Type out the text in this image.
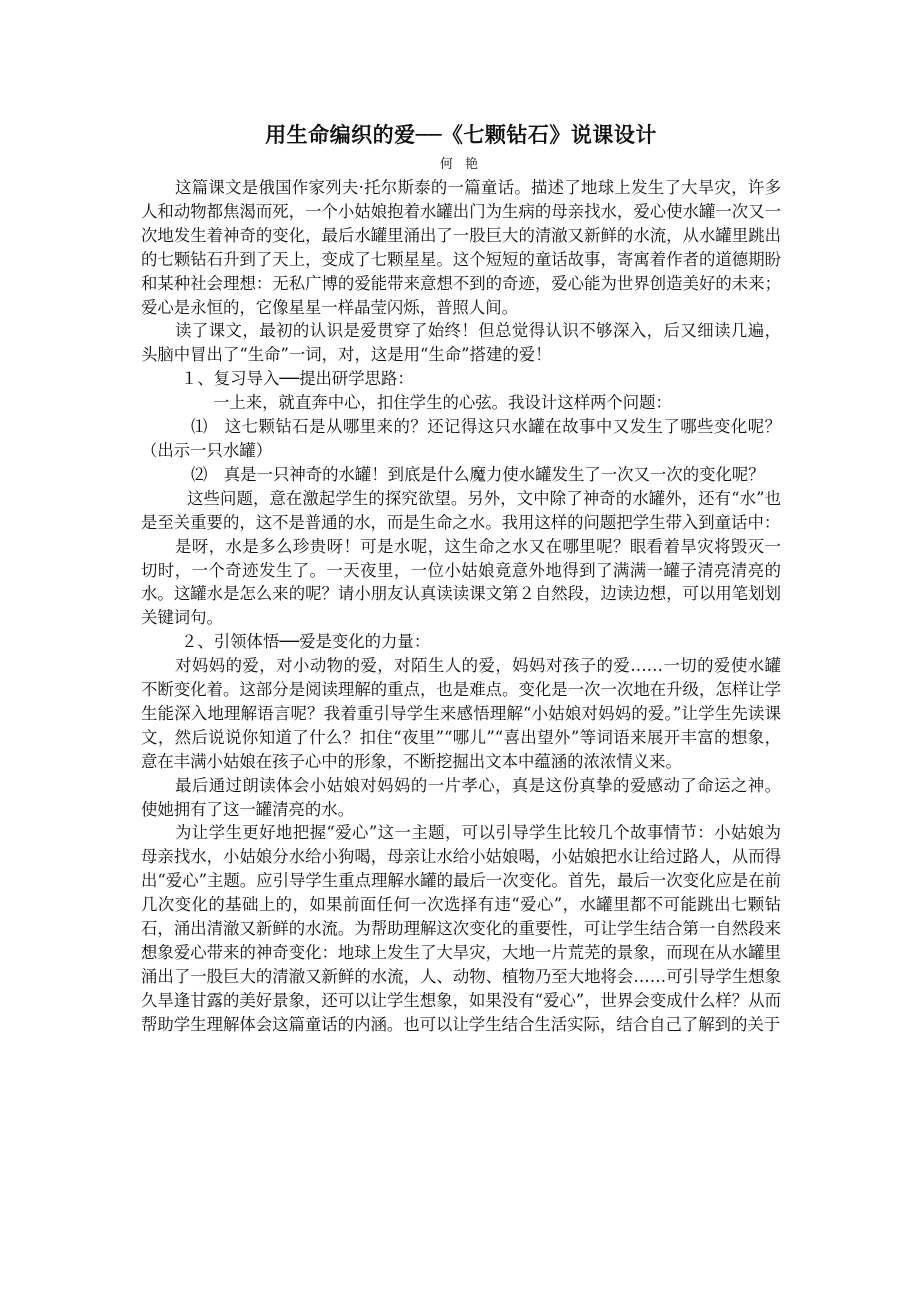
用生命编织的爱──《七颗钻石》说课设计
何 艳

这篇课文是俄国作家列夫·托尔斯泰的一篇童话。描述了地球上发生了大旱灾，许多人和动物都焦渴而死，一个小姑娘抱着水罐出门为生病的母亲找水，爱心使水罐一次又一次地发生着神奇的变化，最后水罐里涌出了一股巨大的清澈又新鲜的水流，从水罐里跳出的七颗钻石升到了天上，变成了七颗星星。这个短短的童话故事，寄寓着作者的道德期盼和某种社会理想：无私广博的爱能带来意想不到的奇迹，爱心能为世界创造美好的未来；爱心是永恒的，它像星星一样晶莹闪烁，普照人间。

读了课文，最初的认识是爱贯穿了始终！但总觉得认识不够深入，后又细读几遍，头脑中冒出了“生命”一词，对，这是用“生命”搭建的爱！

１、复习导入──提出研学思路：

一上来，就直奔中心，扣住学生的心弦。我设计这样两个问题：

⑴　这七颗钻石是从哪里来的？还记得这只水罐在故事中又发生了哪些变化呢？（出示一只水罐）

⑵　真是一只神奇的水罐！到底是什么魔力使水罐发生了一次又一次的变化呢？

这些问题，意在激起学生的探究欲望。另外，文中除了神奇的水罐外，还有“水”也是至关重要的，这不是普通的水，而是生命之水。我用这样的问题把学生带入到童话中：

是呀，水是多么珍贵呀！可是水呢，这生命之水又在哪里呢？眼看着旱灾将毁灭一切时，一个奇迹发生了。一天夜里，一位小姑娘竟意外地得到了满满一罐子清亮清亮的水。这罐水是怎么来的呢？请小朋友认真读读课文第２自然段，边读边想，可以用笔划划关键词句。

２、引领体悟──爱是变化的力量：

对妈妈的爱，对小动物的爱，对陌生人的爱，妈妈对孩子的爱……一切的爱使水罐不断变化着。这部分是阅读理解的重点，也是难点。变化是一次一次地在升级，怎样让学生能深入地理解语言呢？我着重引导学生来感悟理解“小姑娘对妈妈的爱。”让学生先读课文，然后说说你知道了什么？扣住“夜里”“哪儿”“喜出望外”等词语来展开丰富的想象，意在丰满小姑娘在孩子心中的形象，不断挖掘出文本中蕴涵的浓浓情义来。

最后通过朗读体会小姑娘对妈妈的一片孝心，真是这份真挚的爱感动了命运之神。使她拥有了这一罐清亮的水。

为让学生更好地把握“爱心”这一主题，可以引导学生比较几个故事情节：小姑娘为母亲找水，小姑娘分水给小狗喝，母亲让水给小姑娘喝，小姑娘把水让给过路人，从而得出“爱心”主题。应引导学生重点理解水罐的最后一次变化。首先，最后一次变化应是在前几次变化的基础上的，如果前面任何一次选择有违“爱心”，水罐里都不可能跳出七颗钻石，涌出清澈又新鲜的水流。为帮助理解这次变化的重要性，可让学生结合第一自然段来想象爱心带来的神奇变化：地球上发生了大旱灾，大地一片荒芜的景象，而现在从水罐里涌出了一股巨大的清澈又新鲜的水流，人、动物、植物乃至大地将会……可引导学生想象久旱逢甘露的美好景象，还可以让学生想象，如果没有“爱心”，世界会变成什么样？从而帮助学生理解体会这篇童话的内涵。也可以让学生结合生活实际，结合自己了解到的关于
